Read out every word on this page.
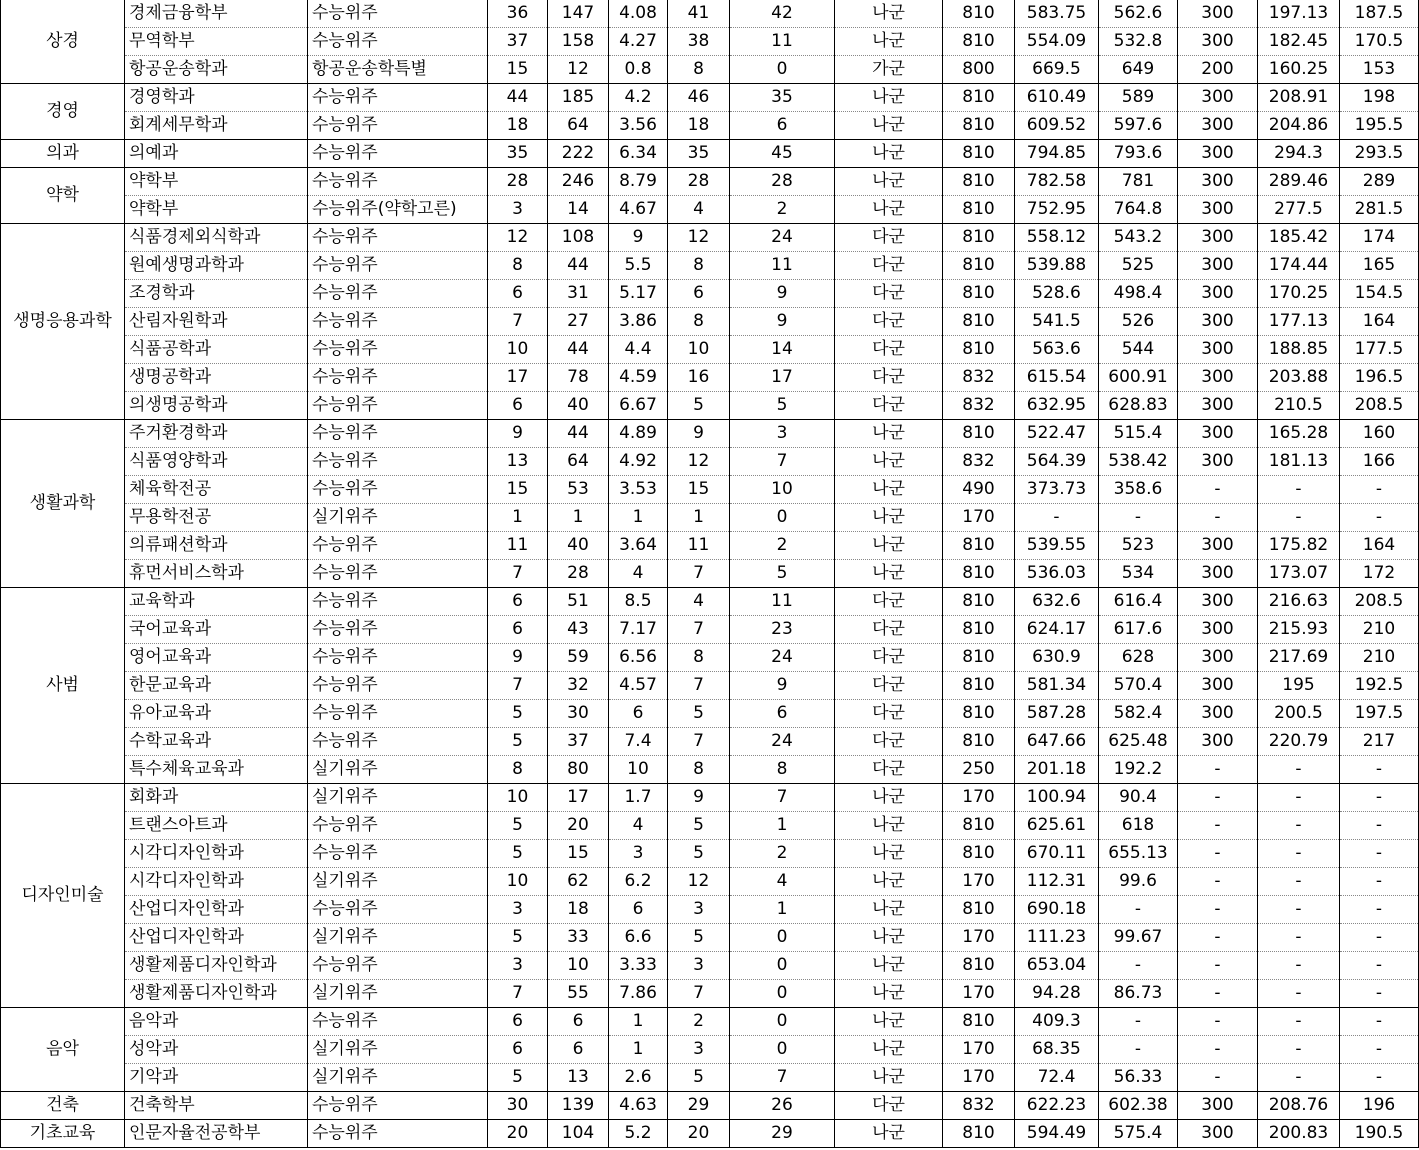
상경	경제금융학부	수능위주	36	147	4.08	41	42	나군	810	583.75	562.6	300	197.13	187.5
	무역학부	수능위주	37	158	4.27	38	11	나군	810	554.09	532.8	300	182.45	170.5
	항공운송학과	항공운송학특별	15	12	0.8	8	0	가군	800	669.5	649	200	160.25	153
경영	경영학과	수능위주	44	185	4.2	46	35	나군	810	610.49	589	300	208.91	198
	회계세무학과	수능위주	18	64	3.56	18	6	나군	810	609.52	597.6	300	204.86	195.5
의과	의예과	수능위주	35	222	6.34	35	45	나군	810	794.85	793.6	300	294.3	293.5
약학	약학부	수능위주	28	246	8.79	28	28	나군	810	782.58	781	300	289.46	289
	약학부	수능위주(약학고른)	3	14	4.67	4	2	나군	810	752.95	764.8	300	277.5	281.5
생명응용과학	식품경제외식학과	수능위주	12	108	9	12	24	다군	810	558.12	543.2	300	185.42	174
	원예생명과학과	수능위주	8	44	5.5	8	11	다군	810	539.88	525	300	174.44	165
	조경학과	수능위주	6	31	5.17	6	9	다군	810	528.6	498.4	300	170.25	154.5
	산림자원학과	수능위주	7	27	3.86	8	9	다군	810	541.5	526	300	177.13	164
	식품공학과	수능위주	10	44	4.4	10	14	다군	810	563.6	544	300	188.85	177.5
	생명공학과	수능위주	17	78	4.59	16	17	다군	832	615.54	600.91	300	203.88	196.5
	의생명공학과	수능위주	6	40	6.67	5	5	다군	832	632.95	628.83	300	210.5	208.5
생활과학	주거환경학과	수능위주	9	44	4.89	9	3	나군	810	522.47	515.4	300	165.28	160
	식품영양학과	수능위주	13	64	4.92	12	7	나군	832	564.39	538.42	300	181.13	166
	체육학전공	수능위주	15	53	3.53	15	10	나군	490	373.73	358.6	-	-	-
	무용학전공	실기위주	1	1	1	1	0	나군	170	-	-	-	-	-
	의류패션학과	수능위주	11	40	3.64	11	2	나군	810	539.55	523	300	175.82	164
	휴먼서비스학과	수능위주	7	28	4	7	5	나군	810	536.03	534	300	173.07	172
사범	교육학과	수능위주	6	51	8.5	4	11	다군	810	632.6	616.4	300	216.63	208.5
	국어교육과	수능위주	6	43	7.17	7	23	다군	810	624.17	617.6	300	215.93	210
	영어교육과	수능위주	9	59	6.56	8	24	다군	810	630.9	628	300	217.69	210
	한문교육과	수능위주	7	32	4.57	7	9	다군	810	581.34	570.4	300	195	192.5
	유아교육과	수능위주	5	30	6	5	6	다군	810	587.28	582.4	300	200.5	197.5
	수학교육과	수능위주	5	37	7.4	7	24	다군	810	647.66	625.48	300	220.79	217
	특수체육교육과	실기위주	8	80	10	8	8	다군	250	201.18	192.2	-	-	-
디자인미술	회화과	실기위주	10	17	1.7	9	7	나군	170	100.94	90.4	-	-	-
	트랜스아트과	수능위주	5	20	4	5	1	나군	810	625.61	618	-	-	-
	시각디자인학과	수능위주	5	15	3	5	2	나군	810	670.11	655.13	-	-	-
	시각디자인학과	실기위주	10	62	6.2	12	4	나군	170	112.31	99.6	-	-	-
	산업디자인학과	수능위주	3	18	6	3	1	나군	810	690.18	-	-	-	-
	산업디자인학과	실기위주	5	33	6.6	5	0	나군	170	111.23	99.67	-	-	-
	생활제품디자인학과	수능위주	3	10	3.33	3	0	나군	810	653.04	-	-	-	-
	생활제품디자인학과	실기위주	7	55	7.86	7	0	나군	170	94.28	86.73	-	-	-
음악	음악과	수능위주	6	6	1	2	0	나군	810	409.3	-	-	-	-
	성악과	실기위주	6	6	1	3	0	나군	170	68.35	-	-	-	-
	기악과	실기위주	5	13	2.6	5	7	나군	170	72.4	56.33	-	-	-
건축	건축학부	수능위주	30	139	4.63	29	26	다군	832	622.23	602.38	300	208.76	196
기초교육	인문자율전공학부	수능위주	20	104	5.2	20	29	나군	810	594.49	575.4	300	200.83	190.5
